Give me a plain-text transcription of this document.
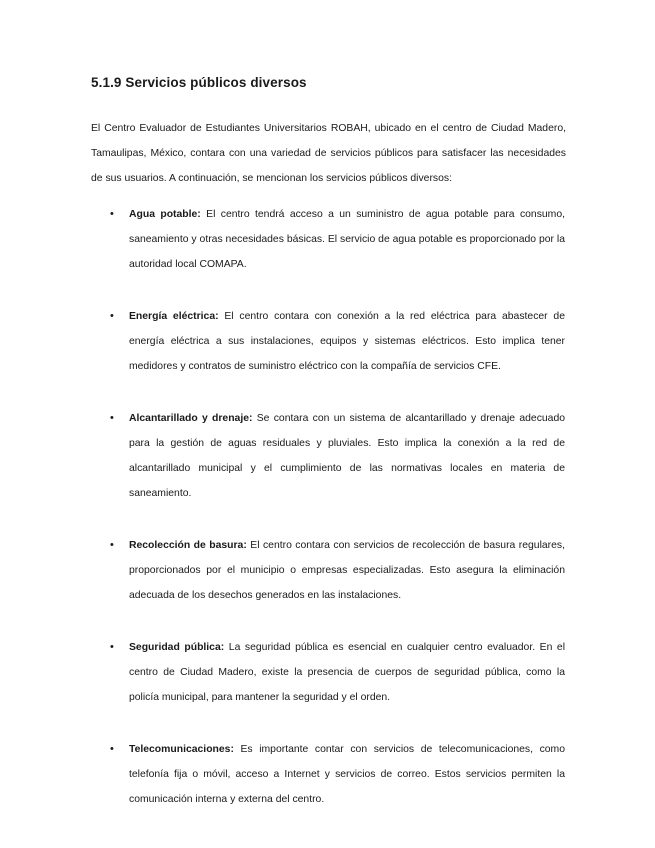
5.1.9 Servicios públicos diversos

El Centro Evaluador de Estudiantes Universitarios ROBAH, ubicado en el centro de Ciudad Madero, Tamaulipas, México, contara con una variedad de servicios públicos para satisfacer las necesidades de sus usuarios. A continuación, se mencionan los servicios públicos diversos:

• Agua potable: El centro tendrá acceso a un suministro de agua potable para consumo, saneamiento y otras necesidades básicas. El servicio de agua potable es proporcionado por la autoridad local COMAPA.
• Energía eléctrica: El centro contara con conexión a la red eléctrica para abastecer de energía eléctrica a sus instalaciones, equipos y sistemas eléctricos. Esto implica tener medidores y contratos de suministro eléctrico con la compañía de servicios CFE.
• Alcantarillado y drenaje: Se contara con un sistema de alcantarillado y drenaje adecuado para la gestión de aguas residuales y pluviales. Esto implica la conexión a la red de alcantarillado municipal y el cumplimiento de las normativas locales en materia de saneamiento.
• Recolección de basura: El centro contara con servicios de recolección de basura regulares, proporcionados por el municipio o empresas especializadas. Esto asegura la eliminación adecuada de los desechos generados en las instalaciones.
• Seguridad pública: La seguridad pública es esencial en cualquier centro evaluador. En el centro de Ciudad Madero, existe la presencia de cuerpos de seguridad pública, como la policía municipal, para mantener la seguridad y el orden.
• Telecomunicaciones: Es importante contar con servicios de telecomunicaciones, como telefonía fija o móvil, acceso a Internet y servicios de correo. Estos servicios permiten la comunicación interna y externa del centro.
